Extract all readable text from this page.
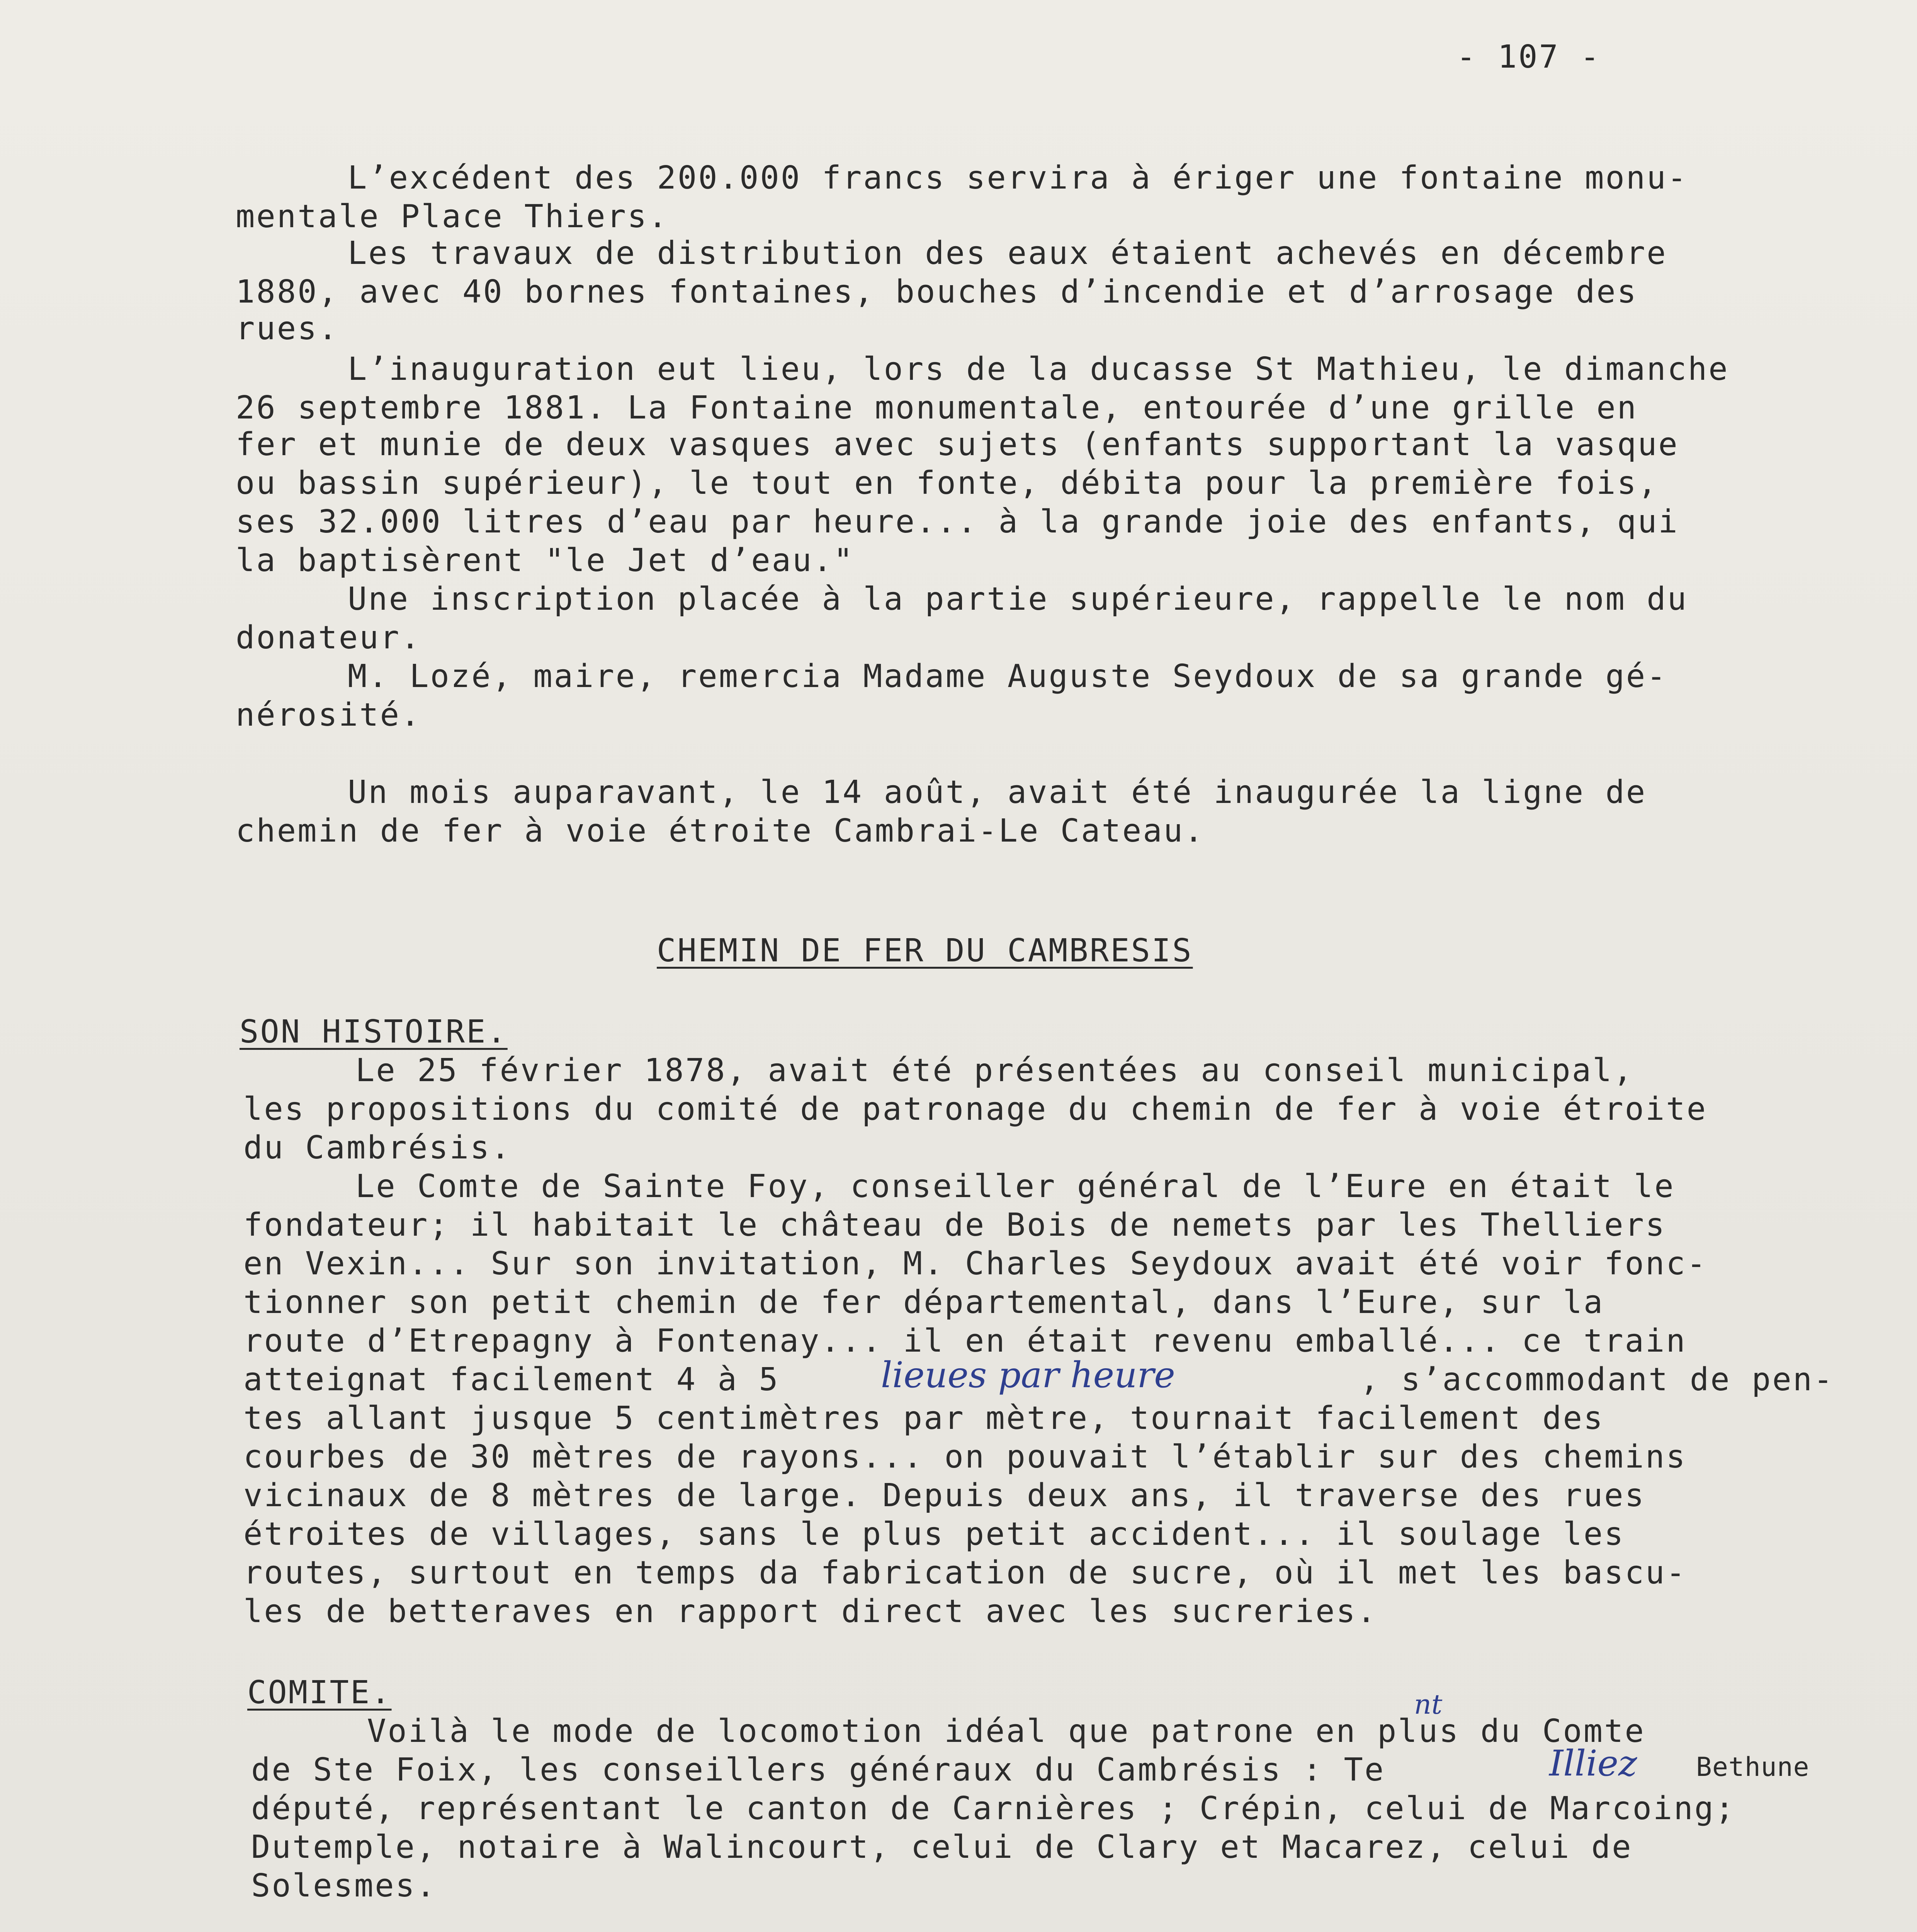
- 107 -
L’excédent des 200.000 francs servira à ériger une fontaine monu-
mentale Place Thiers.
Les travaux de distribution des eaux étaient achevés en décembre
1880, avec 40 bornes fontaines, bouches d’incendie et d’arrosage des
rues.
L’inauguration eut lieu, lors de la ducasse St Mathieu, le dimanche
26 septembre 1881. La Fontaine monumentale, entourée d’une grille en
fer et munie de deux vasques avec sujets (enfants supportant la vasque
ou bassin supérieur), le tout en fonte, débita pour la première fois,
ses 32.000 litres d’eau par heure... à la grande joie des enfants, qui
la baptisèrent "le Jet d’eau."
Une inscription placée à la partie supérieure, rappelle le nom du
donateur.
M. Lozé, maire, remercia Madame Auguste Seydoux de sa grande gé-
nérosité.
Un mois auparavant, le 14 août, avait été inaugurée la ligne de
chemin de fer à voie étroite Cambrai-Le Cateau.
CHEMIN DE FER DU CAMBRESIS
SON HISTOIRE.
Le 25 février 1878, avait été présentées au conseil municipal,
les propositions du comité de patronage du chemin de fer à voie étroite
du Cambrésis.
Le Comte de Sainte Foy, conseiller général de l’Eure en était le
fondateur; il habitait le château de Bois de nemets par les Thelliers
en Vexin... Sur son invitation, M. Charles Seydoux avait été voir fonc-
tionner son petit chemin de fer départemental, dans l’Eure, sur la
route d’Etrepagny à Fontenay... il en était revenu emballé... ce train
atteignat facilement 4 à 5	lieues par heure	, s’accommodant de pen-
tes allant jusque 5 centimètres par mètre, tournait facilement des
courbes de 30 mètres de rayons... on pouvait l’établir sur des chemins
vicinaux de 8 mètres de large. Depuis deux ans, il traverse des rues
étroites de villages, sans le plus petit accident... il soulage les
routes, surtout en temps da fabrication de sucre, où il met les bascu-
les de betteraves en rapport direct avec les sucreries.
COMITE.
Voilà le mode de locomotion idéal que patrone en plus du Comte
nt
de Ste Foix, les conseillers généraux du Cambrésis : Te	Illiez Bethune
député, représentant le canton de Carnières ; Crépin, celui de Marcoing;
Dutemple, notaire à Walincourt, celui de Clary et Macarez, celui de
Solesmes.
